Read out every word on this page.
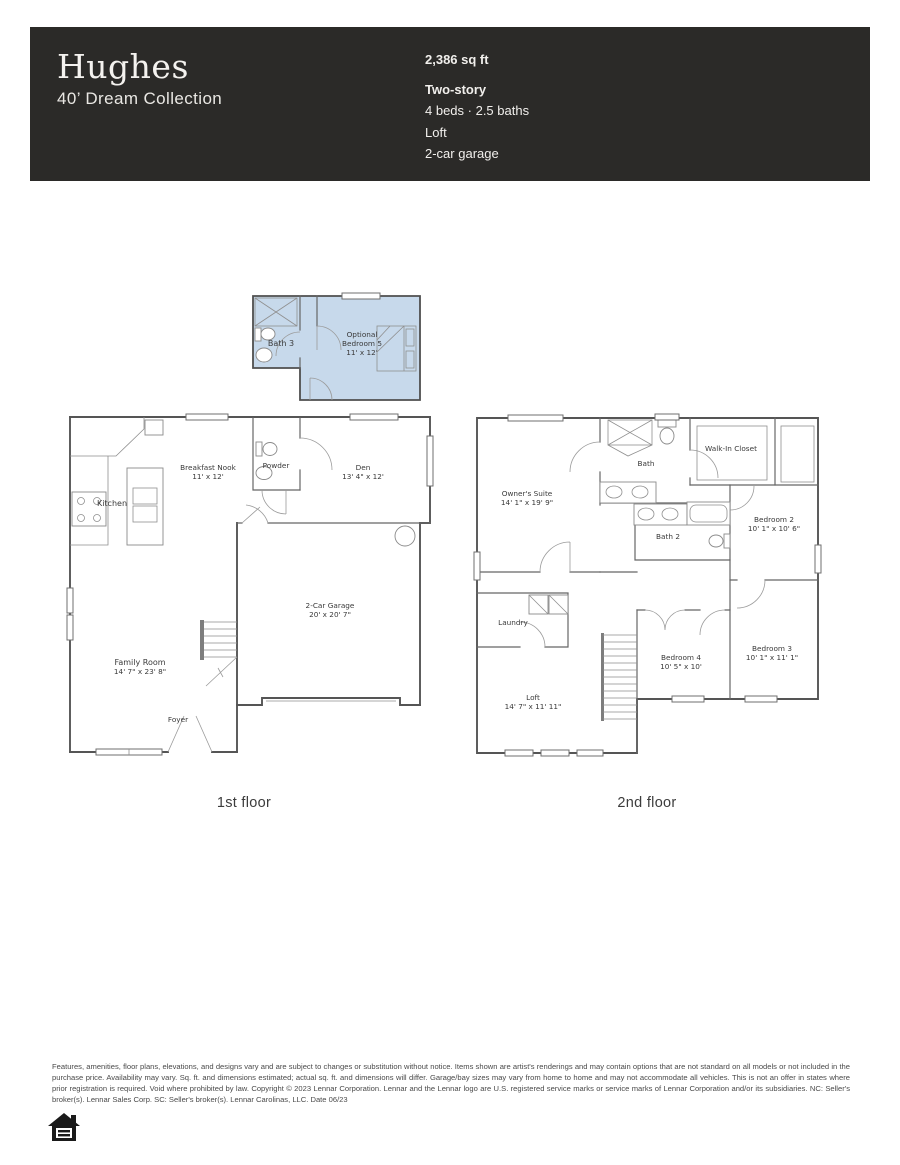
Hughes
40’ Dream Collection
2,386 sq ft
Two-story
4 beds · 2.5 baths
Loft
2-car garage
Bath 3
Optional
Bedroom 5
11' x 12'
Kitchen
Breakfast Nook
11' x 12'
Powder	Den
13' 4" x 12'
2-Car Garage
20' x 20' 7"
Family Room
14' 7" x 23' 8"
Foyer
Owner's Suite
14' 1" x 19' 9"
Bath
Walk-In Closet
Bedroom 2
10' 1" x 10' 6"
Bath 2
Laundry
Loft
14' 7" x 11' 11"
Bedroom 4
10' 5" x 10'
Bedroom 3
10' 1" x 11' 1"
1st floor	2nd floor
Features, amenities, floor plans, elevations, and designs vary and are subject to changes or substitution without notice. Items shown are artist's renderings and may contain options that are not standard on all models or not included in the purchase price. Availability may vary. Sq. ft. and dimensions estimated; actual sq. ft. and dimensions will differ. Garage/bay sizes may vary from home to home and may not accommodate all vehicles. This is not an offer in states where prior registration is required. Void where prohibited by law. Copyright © 2023 Lennar Corporation. Lennar and the Lennar logo are U.S. registered service marks or service marks of Lennar Corporation and/or its subsidiaries. NC: Seller's broker(s). Lennar Sales Corp. SC: Seller's broker(s). Lennar Carolinas, LLC. Date 06/23
